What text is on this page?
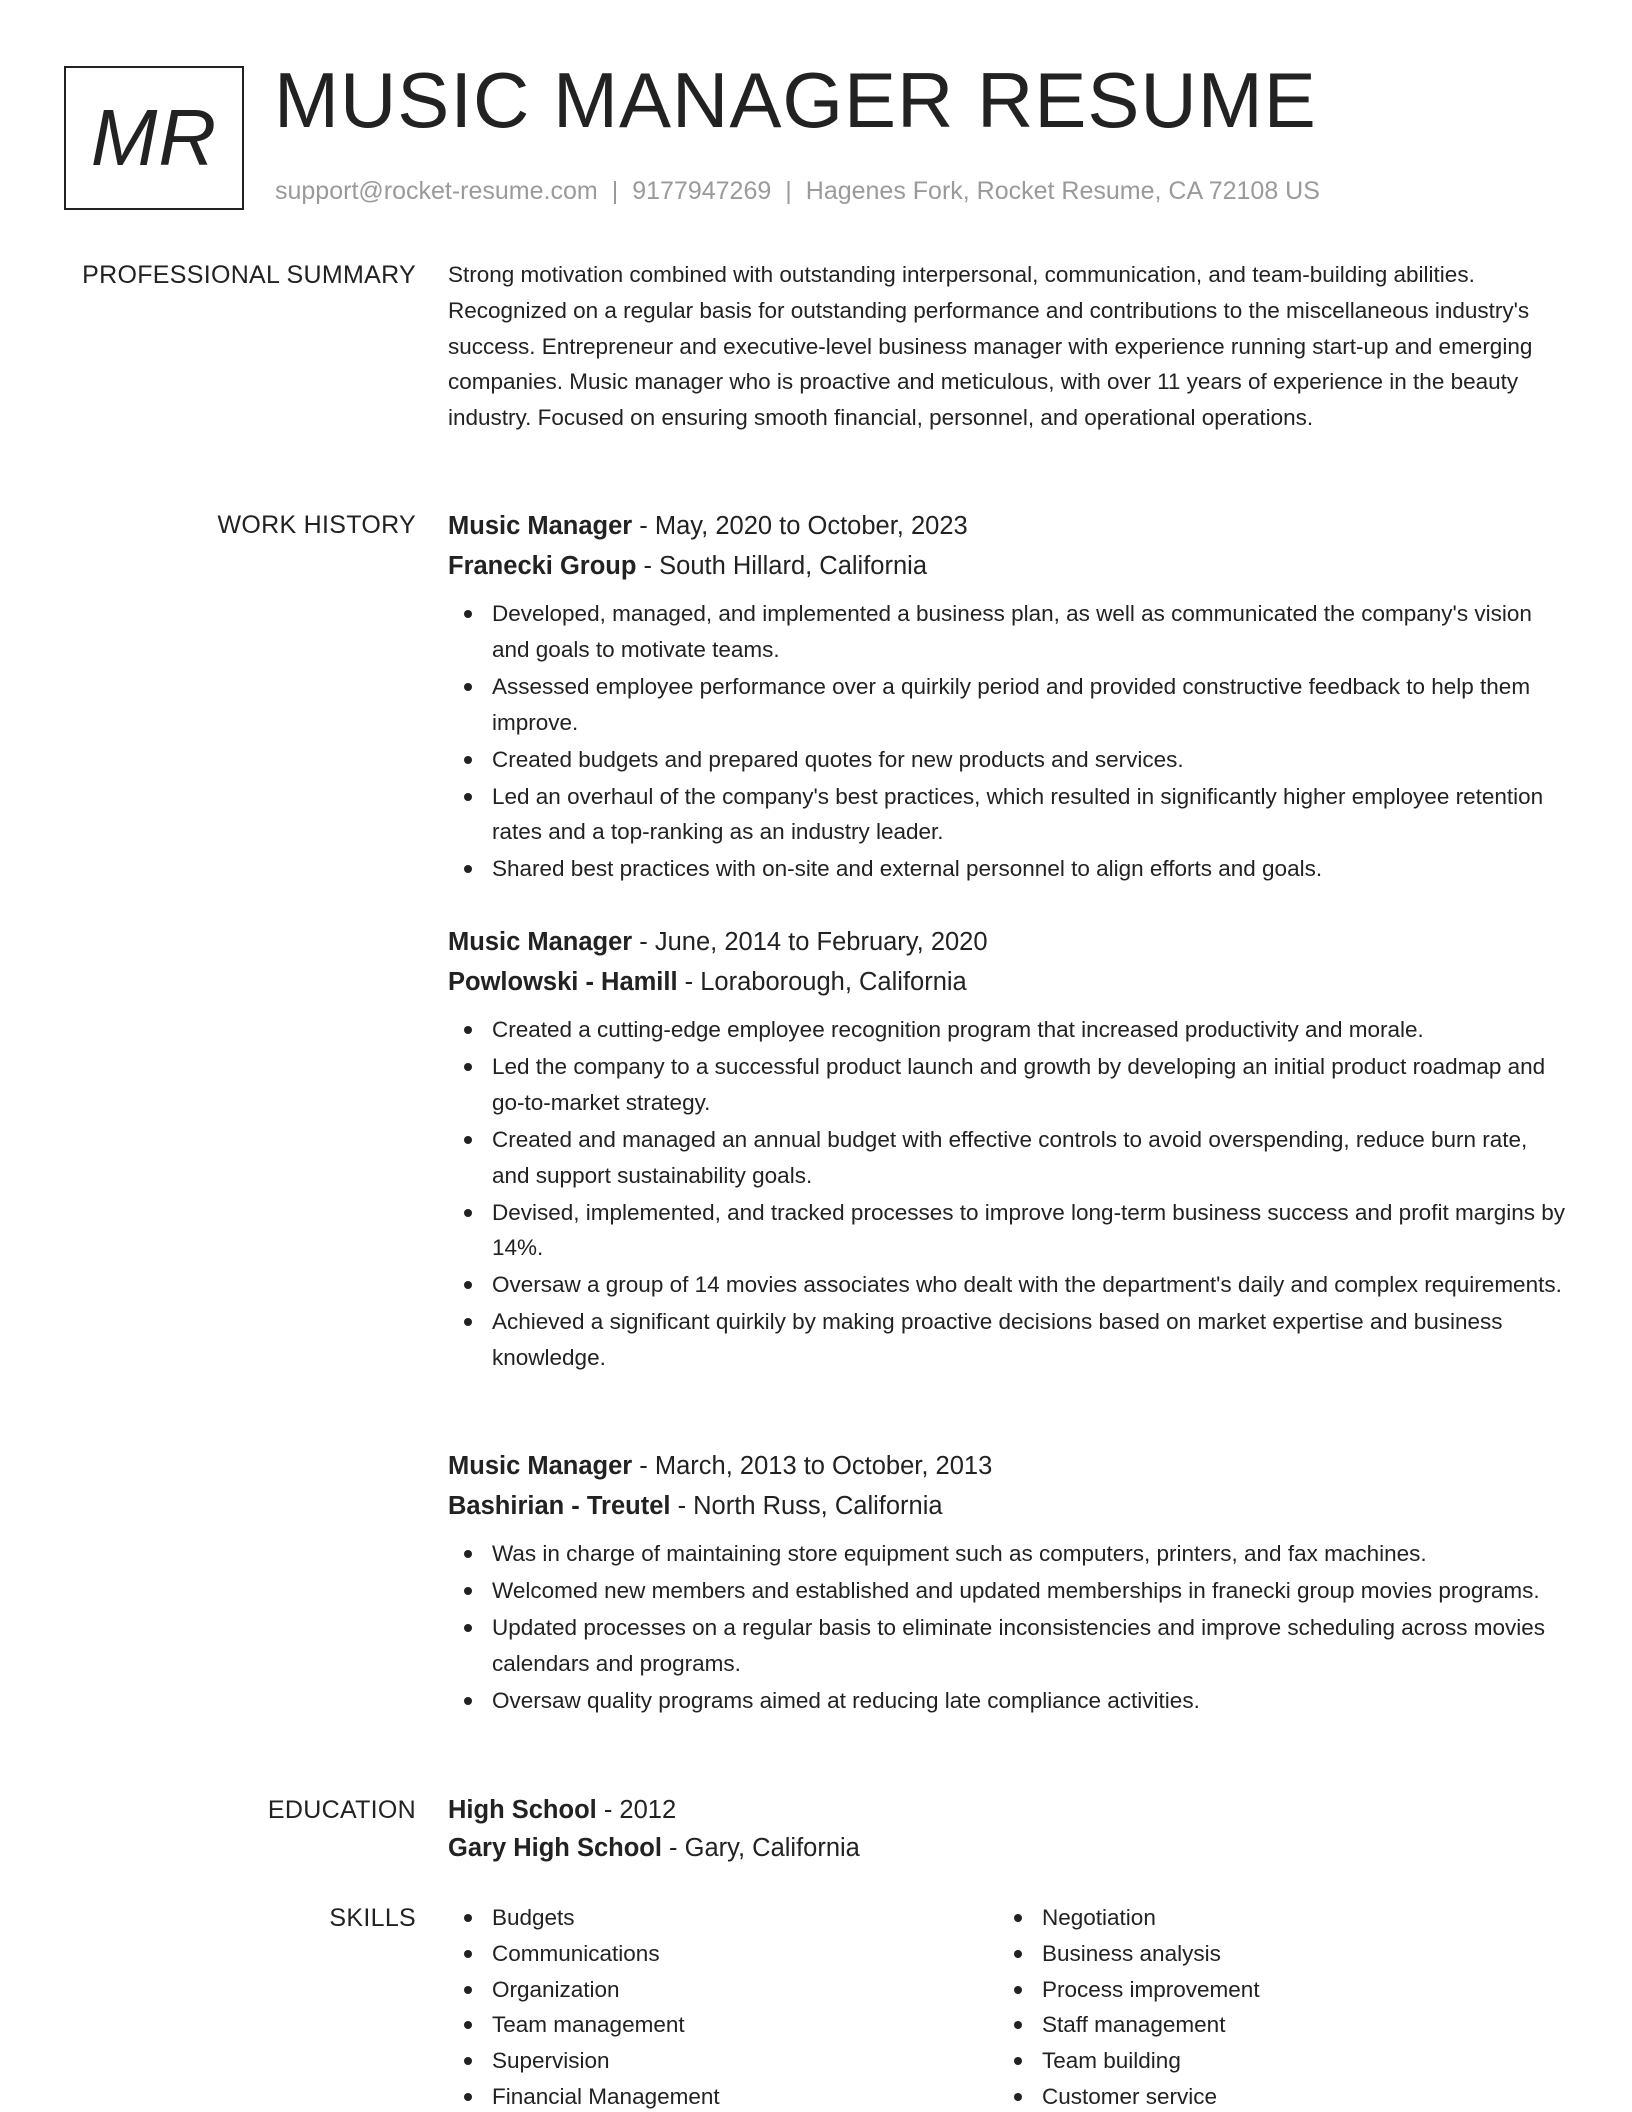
MR MUSIC MANAGER RESUME
support@rocket-resume.com | 9177947269 | Hagenes Fork, Rocket Resume, CA 72108 US
PROFESSIONAL SUMMARY Strong motivation combined with outstanding interpersonal, communication, and team-building abilities. Recognized on a regular basis for outstanding performance and contributions to the miscellaneous industry's success. Entrepreneur and executive-level business manager with experience running start-up and emerging companies. Music manager who is proactive and meticulous, with over 11 years of experience in the beauty industry. Focused on ensuring smooth financial, personnel, and operational operations.

WORK HISTORY Music Manager - May, 2020 to October, 2023
Franecki Group - South Hillard, California
Developed, managed, and implemented a business plan, as well as communicated the company's vision and goals to motivate teams.
Assessed employee performance over a quirkily period and provided constructive feedback to help them improve.
Created budgets and prepared quotes for new products and services.
Led an overhaul of the company's best practices, which resulted in significantly higher employee retention rates and a top-ranking as an industry leader.
Shared best practices with on-site and external personnel to align efforts and goals.
Music Manager - June, 2014 to February, 2020
Powlowski - Hamill - Loraborough, California
Created a cutting-edge employee recognition program that increased productivity and morale.
Led the company to a successful product launch and growth by developing an initial product roadmap and go-to-market strategy.
Created and managed an annual budget with effective controls to avoid overspending, reduce burn rate, and support sustainability goals.
Devised, implemented, and tracked processes to improve long-term business success and profit margins by 14%.
Oversaw a group of 14 movies associates who dealt with the department's daily and complex requirements.
Achieved a significant quirkily by making proactive decisions based on market expertise and business knowledge.
Music Manager - March, 2013 to October, 2013
Bashirian - Treutel - North Russ, California
Was in charge of maintaining store equipment such as computers, printers, and fax machines.
Welcomed new members and established and updated memberships in franecki group movies programs.
Updated processes on a regular basis to eliminate inconsistencies and improve scheduling across movies calendars and programs.
Oversaw quality programs aimed at reducing late compliance activities.
EDUCATION High School - 2012
Gary High School - Gary, California
SKILLS	Budgets
Communications
Organization
Team management
Supervision
Financial Management
Negotiation
Business analysis
Process improvement
Staff management
Team building
Customer service
